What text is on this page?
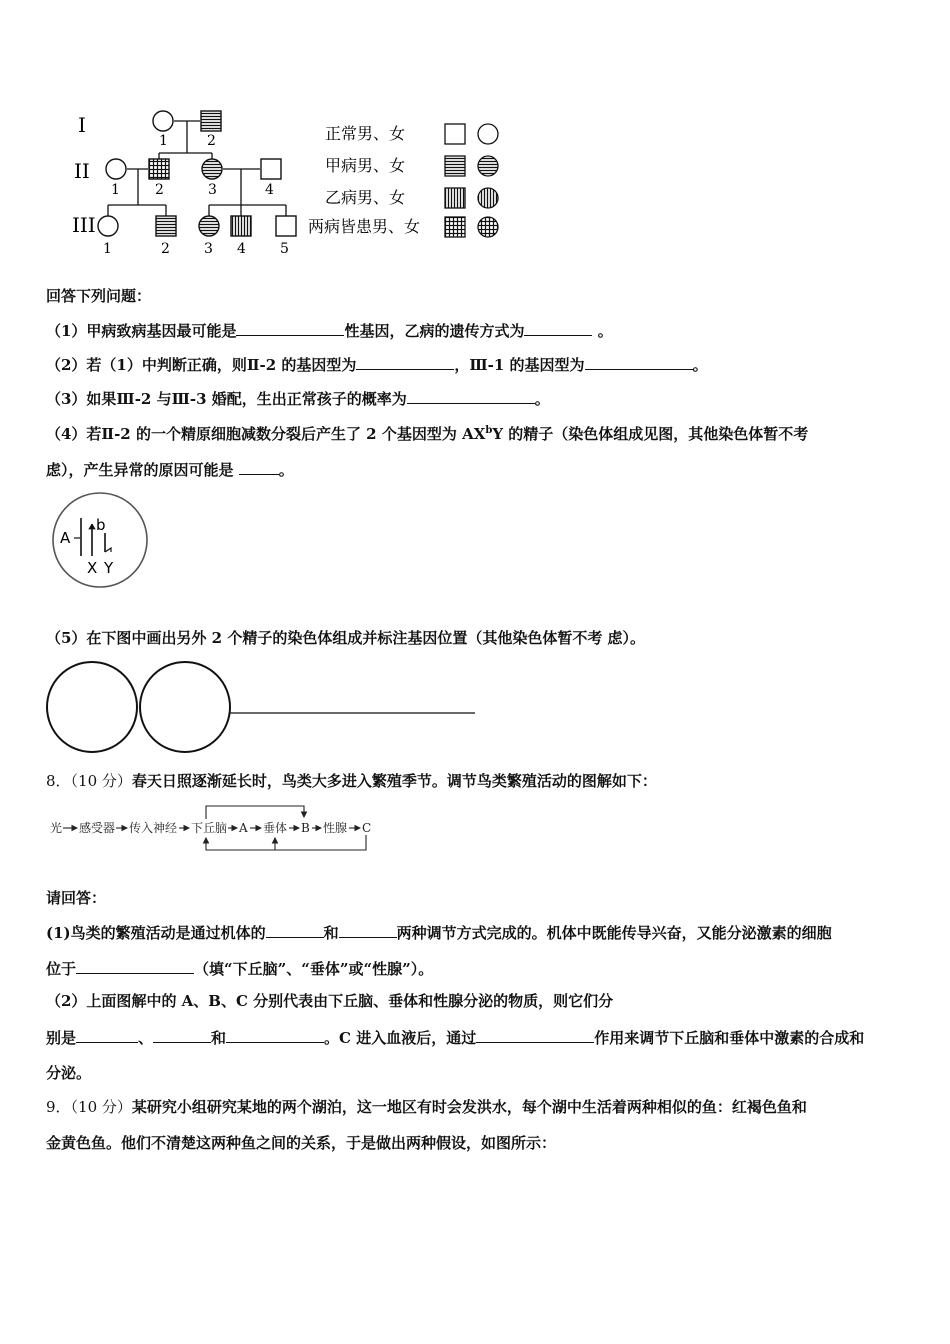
I
II
III
1	2
1	2	3	4
1	2 3 4 5
正常男、女
甲病男、女
乙病男、女
两病皆患男、女
回答下列问题：
（1）甲病致病基因最可能是	性基因，乙病的遗传方式为	。
（2）若（1）中判断正确，则Ⅱ-2 的基因型为	，Ⅲ-1 的基因型为	。
（3）如果Ⅲ-2 与Ⅲ-3 婚配，生出正常孩子的概率为	。
（4）若Ⅱ-2 的一个精原细胞减数分裂后产生了 2 个基因型为 $AX^bY$ 的精子（染色体组成见图，其他染色体暂不考
虑），产生异常的原因可能是	。
A
b
X Y
（5）在下图中画出另外 2 个精子的染色体组成并标注基因位置（其他染色体暂不考 虑）。
8．（10 分）春天日照逐渐延长时，鸟类大多进入繁殖季节。调节鸟类繁殖活动的图解如下：
光 感受器 传入神经 下丘脑 A 垂体 B 性腺 C
请回答：
(1)鸟类的繁殖活动是通过机体的	和	两种调节方式完成的。机体中既能传导兴奋，又能分泌激素的细胞
位于	（填“下丘脑”、“垂体”或“性腺”）。
（2）上面图解中的 A、B、C 分别代表由下丘脑、垂体和性腺分泌的物质，则它们分
别是	、	和	。C 进入血液后，通过	作用来调节下丘脑和垂体中激素的合成和
分泌。
9．（10 分）某研究小组研究某地的两个湖泊，这一地区有时会发洪水，每个湖中生活着两种相似的鱼：红褐色鱼和
金黄色鱼。他们不清楚这两种鱼之间的关系，于是做出两种假设，如图所示：
